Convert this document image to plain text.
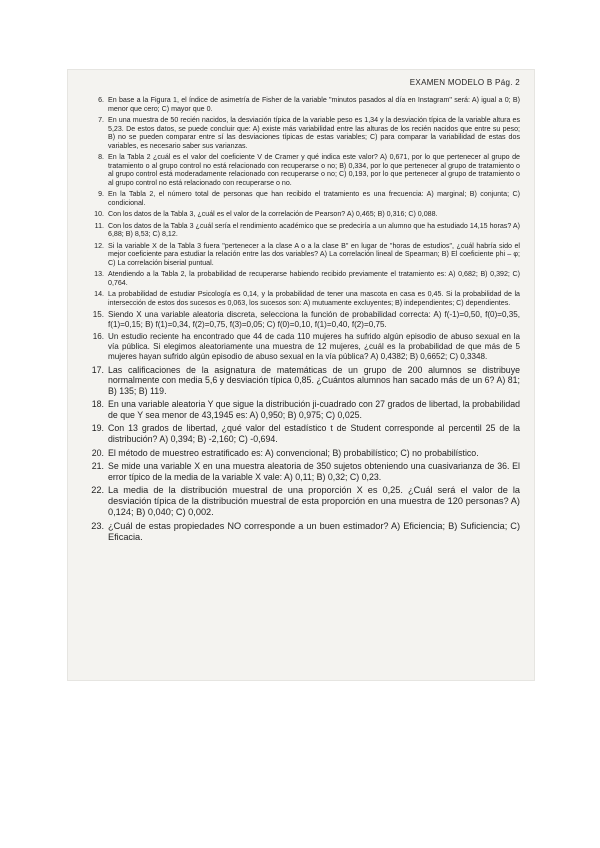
EXAMEN MODELO B Pág. 2
6. En base a la Figura 1, el índice de asimetría de Fisher de la variable "minutos pasados al día en Instagram" será: A) igual a 0; B) menor que cero; C) mayor que 0.
7. En una muestra de 50 recién nacidos, la desviación típica de la variable peso es 1,34 y la desviación típica de la variable altura es 5,23. De estos datos, se puede concluir que: A) existe más variabilidad entre las alturas de los recién nacidos que entre su peso; B) no se pueden comparar entre sí las desviaciones típicas de estas variables; C) para comparar la variabilidad de estas dos variables, es necesario saber sus varianzas.
8. En la Tabla 2 ¿cuál es el valor del coeficiente V de Cramer y qué indica este valor? A) 0,671, por lo que pertenecer al grupo de tratamiento o al grupo control no está relacionado con recuperarse o no; B) 0,334, por lo que pertenecer al grupo de tratamiento o al grupo control está moderadamente relacionado con recuperarse o no; C) 0,193, por lo que pertenecer al grupo de tratamiento o al grupo control no está relacionado con recuperarse o no.
9. En la Tabla 2, el número total de personas que han recibido el tratamiento es una frecuencia: A) marginal; B) conjunta; C) condicional.
10. Con los datos de la Tabla 3, ¿cuál es el valor de la correlación de Pearson? A) 0,465; B) 0,316; C) 0,088.
11. Con los datos de la Tabla 3 ¿cuál sería el rendimiento académico que se predeciría a un alumno que ha estudiado 14,15 horas? A) 6,88; B) 8,53; C) 8,12.
12. Si la variable X de la Tabla 3 fuera "pertenecer a la clase A o a la clase B" en lugar de "horas de estudios", ¿cuál habría sido el mejor coeficiente para estudiar la relación entre las dos variables? A) La correlación lineal de Spearman; B) El coeficiente phi – φ; C) La correlación biserial puntual.
13. Atendiendo a la Tabla 2, la probabilidad de recuperarse habiendo recibido previamente el tratamiento es: A) 0,682; B) 0,392; C) 0,764.
14. La probabilidad de estudiar Psicología es 0,14, y la probabilidad de tener una mascota en casa es 0,45. Si la probabilidad de la intersección de estos dos sucesos es 0,063, los sucesos son: A) mutuamente excluyentes; B) independientes; C) dependientes.
15. Siendo X una variable aleatoria discreta, selecciona la función de probabilidad correcta: A) f(-1)=0,50, f(0)=0,35, f(1)=0,15; B) f(1)=0,34, f(2)=0,75, f(3)=0,05; C) f(0)=0,10, f(1)=0,40, f(2)=0,75.
16. Un estudio reciente ha encontrado que 44 de cada 110 mujeres ha sufrido algún episodio de abuso sexual en la vía pública. Si elegimos aleatoriamente una muestra de 12 mujeres, ¿cuál es la probabilidad de que más de 5 mujeres hayan sufrido algún episodio de abuso sexual en la vía pública? A) 0,4382; B) 0,6652; C) 0,3348.
17. Las calificaciones de la asignatura de matemáticas de un grupo de 200 alumnos se distribuye normalmente con media 5,6 y desviación típica 0,85. ¿Cuántos alumnos han sacado más de un 6? A) 81; B) 135; B) 119.
18. En una variable aleatoria Y que sigue la distribución ji-cuadrado con 27 grados de libertad, la probabilidad de que Y sea menor de 43,1945 es: A) 0,950; B) 0,975; C) 0,025.
19. Con 13 grados de libertad, ¿qué valor del estadístico t de Student corresponde al percentil 25 de la distribución? A) 0,394; B) -2,160; C) -0,694.
20. El método de muestreo estratificado es: A) convencional; B) probabilístico; C) no probabilístico.
21. Se mide una variable X en una muestra aleatoria de 350 sujetos obteniendo una cuasivarianza de 36. El error típico de la media de la variable X vale: A) 0,11; B) 0,32; C) 0,23.
22. La media de la distribución muestral de una proporción X es 0,25. ¿Cuál será el valor de la desviación típica de la distribución muestral de esta proporción en una muestra de 120 personas? A) 0,124; B) 0,040; C) 0,002.
23. ¿Cuál de estas propiedades NO corresponde a un buen estimador? A) Eficiencia; B) Suficiencia; C) Eficacia.
